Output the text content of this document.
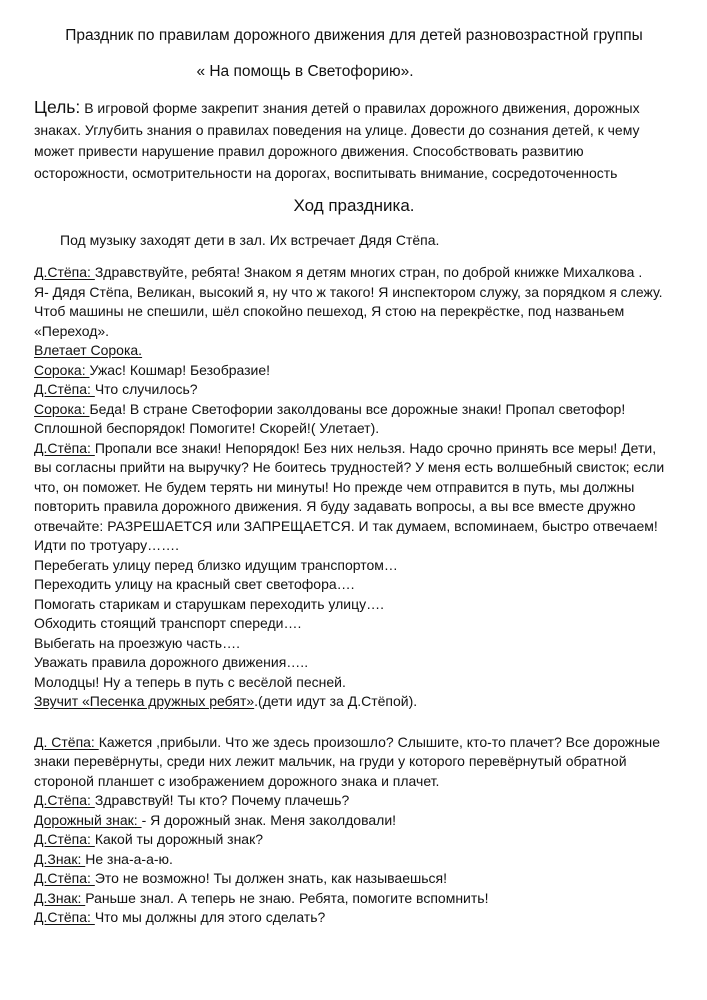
Праздник по правилам дорожного движения для детей разновозрастной группы

« На помощь в Светофорию».

Цель: В игровой форме закрепит знания детей о правилах дорожного движения, дорожных знаках. Углубить знания о правилах поведения на улице. Довести до сознания детей, к чему может привести нарушение правил дорожного движения. Способствовать развитию осторожности, осмотрительности на дорогах, воспитывать внимание, сосредоточенность

Ход праздника.

Под музыку заходят дети в зал. Их встречает Дядя Стёпа.

Д.Стёпа: Здравствуйте, ребята! Знаком я детям многих стран, по доброй книжке Михалкова .

Я- Дядя Стёпа, Великан, высокий я, ну что ж такого! Я инспектором служу, за порядком я слежу. Чтоб машины не спешили, шёл спокойно пешеход, Я стою на перекрёстке, под названьем «Переход».

Влетает Сорока.

Сорока: Ужас! Кошмар! Безобразие!

Д.Стёпа: Что случилось?

Сорока: Беда! В стране Светофории заколдованы все дорожные знаки! Пропал светофор! Сплошной беспорядок! Помогите! Скорей!( Улетает).

Д.Стёпа: Пропали все знаки! Непорядок! Без них нельзя. Надо срочно принять все меры! Дети, вы согласны прийти на выручку? Не боитесь трудностей? У меня есть волшебный свисток; если что, он поможет. Не будем терять ни минуты! Но прежде чем отправится в путь, мы должны повторить правила дорожного движения. Я буду задавать вопросы, а вы все вместе дружно отвечайте: РАЗРЕШАЕТСЯ или ЗАПРЕЩАЕТСЯ. И так думаем, вспоминаем, быстро отвечаем!

Идти по тротуару…….

Перебегать улицу перед близко идущим транспортом…

Переходить улицу на красный свет светофора….

Помогать старикам и старушкам переходить улицу….

Обходить стоящий транспорт спереди….

Выбегать на проезжую часть….

Уважать правила дорожного движения…..

Молодцы! Ну а теперь в путь с весёлой песней.

Звучит «Песенка дружных ребят».(дети идут за Д.Стёпой).

Д. Стёпа: Кажется ,прибыли. Что же здесь произошло? Слышите, кто-то плачет? Все дорожные знаки перевёрнуты, среди них лежит мальчик, на груди у которого перевёрнутый обратной стороной планшет с изображением дорожного знака и плачет.

Д.Стёпа: Здравствуй! Ты кто? Почему плачешь?

Дорожный знак: - Я дорожный знак. Меня заколдовали!

Д.Стёпа: Какой ты дорожный знак?

Д.Знак: Не зна-а-а-ю.

Д.Стёпа: Это не возможно! Ты должен знать, как называешься!

Д.Знак: Раньше знал. А теперь не знаю. Ребята, помогите вспомнить!

Д.Стёпа: Что мы должны для этого сделать?
